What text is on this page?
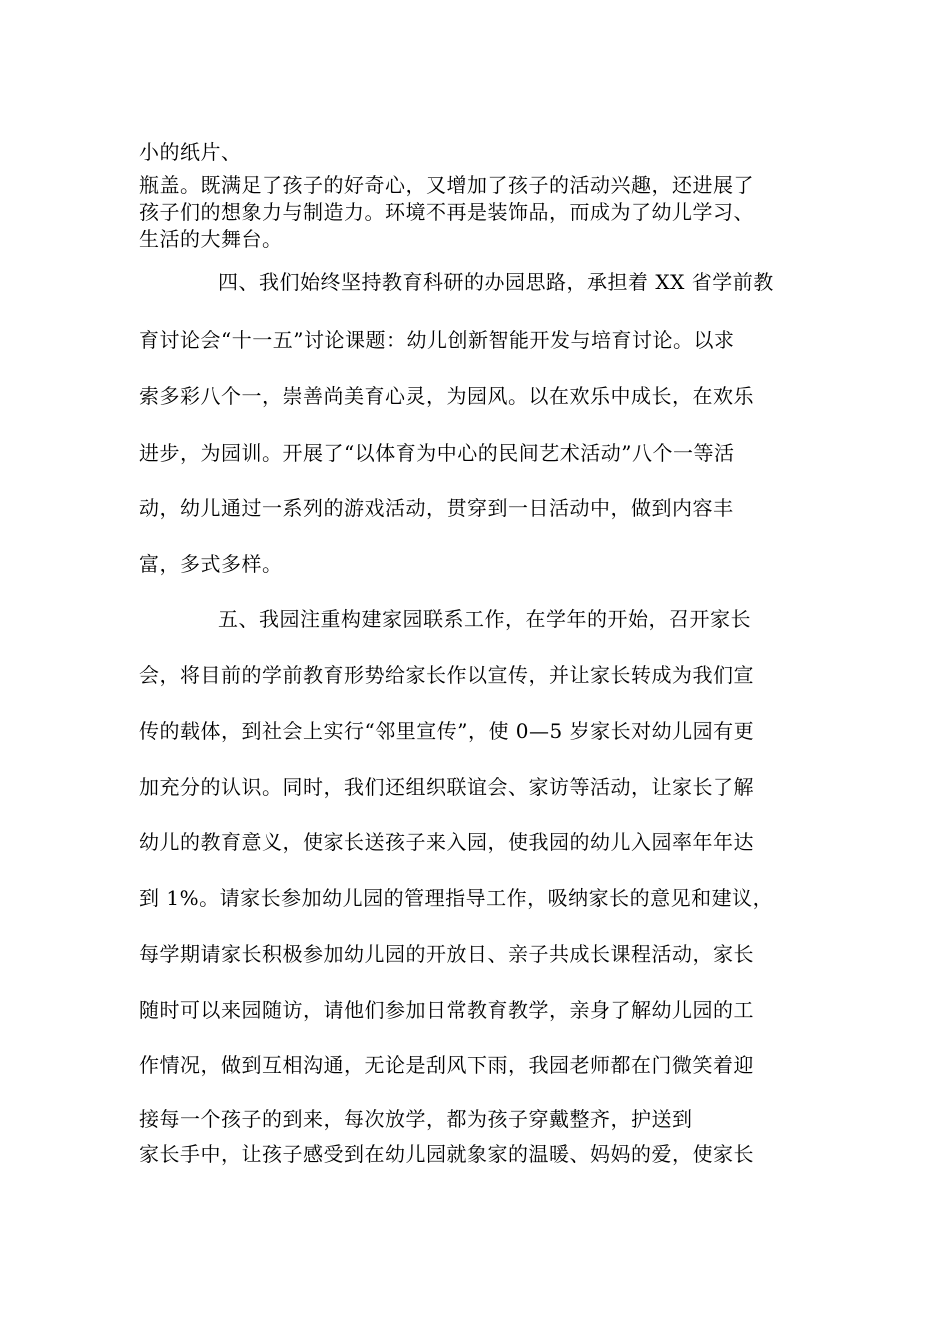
小的纸片、
瓶盖。既满足了孩子的好奇心，又增加了孩子的活动兴趣，还进展了
孩子们的想象力与制造力。环境不再是装饰品，而成为了幼儿学习、
生活的大舞台。
四、我们始终坚持教育科研的办园思路，承担着 XX 省学前教
育讨论会“十一五”讨论课题：幼儿创新智能开发与培育讨论。以求
索多彩八个一，崇善尚美育心灵，为园风。以在欢乐中成长，在欢乐
进步，为园训。开展了“以体育为中心的民间艺术活动”八个一等活
动，幼儿通过一系列的游戏活动，贯穿到一日活动中，做到内容丰
富，多式多样。
五、我园注重构建家园联系工作，在学年的开始，召开家长
会，将目前的学前教育形势给家长作以宣传，并让家长转成为我们宣
传的载体，到社会上实行“邻里宣传”，使 0—5 岁家长对幼儿园有更
加充分的认识。同时，我们还组织联谊会、家访等活动，让家长了解
幼儿的教育意义，使家长送孩子来入园，使我园的幼儿入园率年年达
到 1%。请家长参加幼儿园的管理指导工作，吸纳家长的意见和建议，
每学期请家长积极参加幼儿园的开放日、亲子共成长课程活动，家长
随时可以来园随访，请他们参加日常教育教学，亲身了解幼儿园的工
作情况，做到互相沟通，无论是刮风下雨，我园老师都在门微笑着迎
接每一个孩子的到来，每次放学，都为孩子穿戴整齐，护送到
家长手中，让孩子感受到在幼儿园就象家的温暖、妈妈的爱，使家长
